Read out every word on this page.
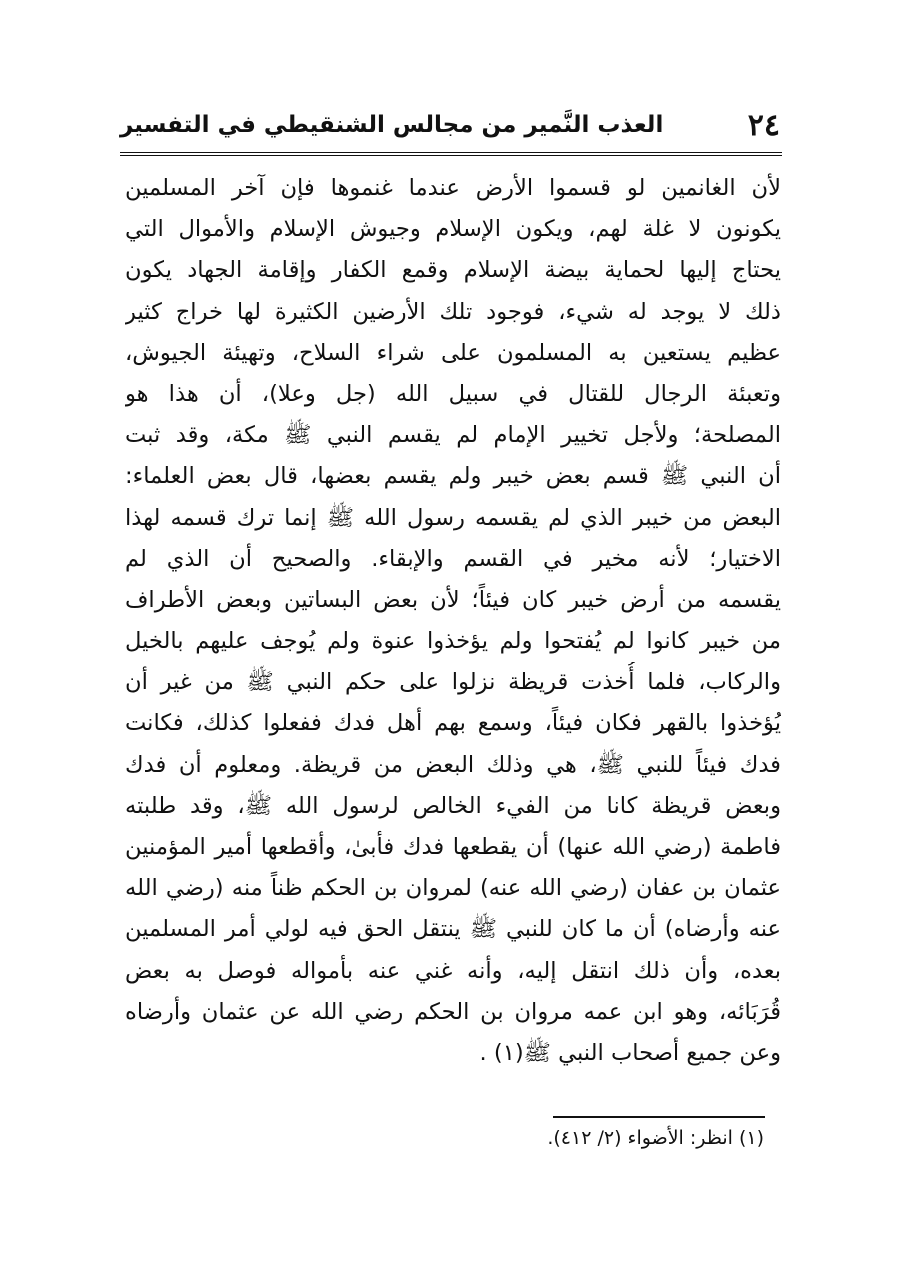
٢٤
العذب النَّمير من مجالس الشنقيطي في التفسير
لأن الغانمين لو قسموا الأرض عندما غنموها فإن آخر المسلمين
يكونون لا غلة لهم، ويكون الإسلام وجيوش الإسلام والأموال التي
يحتاج إليها لحماية بيضة الإسلام وقمع الكفار وإقامة الجهاد يكون
ذلك لا يوجد له شيء، فوجود تلك الأرضين الكثيرة لها خراج كثير
عظيم يستعين به المسلمون على شراء السلاح، وتهيئة الجيوش،
وتعبئة الرجال للقتال في سبيل الله (جل وعلا)، أن هذا هو
المصلحة؛ ولأجل تخيير الإمام لم يقسم النبي ﷺ مكة، وقد ثبت
أن النبي ﷺ قسم بعض خيبر ولم يقسم بعضها، قال بعض العلماء:
البعض من خيبر الذي لم يقسمه رسول الله ﷺ إنما ترك قسمه لهذا
الاختيار؛ لأنه مخير في القسم والإبقاء. والصحيح أن الذي لم
يقسمه من أرض خيبر كان فيئاً؛ لأن بعض البساتين وبعض الأطراف
من خيبر كانوا لم يُفتحوا ولم يؤخذوا عنوة ولم يُوجف عليهم بالخيل
والركاب، فلما أُخذت قريظة نزلوا على حكم النبي ﷺ من غير أن
يُؤخذوا بالقهر فكان فيئاً، وسمع بهم أهل فدك ففعلوا كذلك، فكانت
فدك فيئاً للنبي ﷺ، هي وذلك البعض من قريظة. ومعلوم أن فدك
وبعض قريظة كانا من الفيء الخالص لرسول الله ﷺ، وقد طلبته
فاطمة (رضي الله عنها) أن يقطعها فدك فأبىٰ، وأقطعها أمير المؤمنين
عثمان بن عفان (رضي الله عنه) لمروان بن الحكم ظناً منه (رضي الله
عنه وأرضاه) أن ما كان للنبي ﷺ ينتقل الحق فيه لولي أمر المسلمين
بعده، وأن ذلك انتقل إليه، وأنه غني عنه بأمواله فوصل به بعض
قُرَبَائه، وهو ابن عمه مروان بن الحكم رضي الله عن عثمان وأرضاه
وعن جميع أصحاب النبي ﷺ(١) .
(١) انظر: الأضواء (٢/ ٤١٢).
